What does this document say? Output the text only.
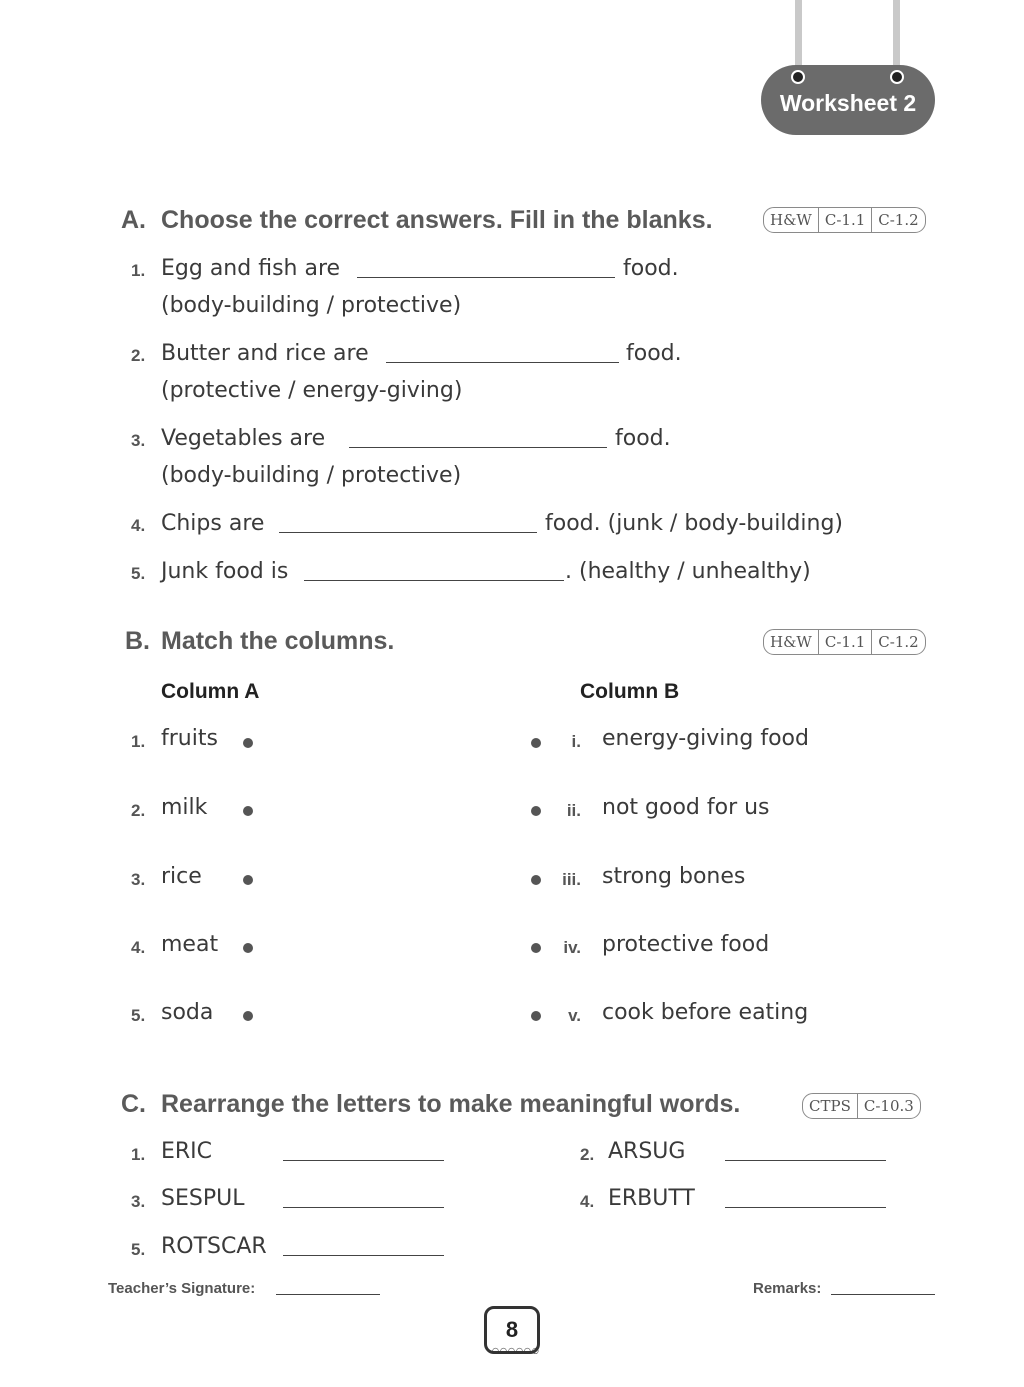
Worksheet 2
A. Choose the correct answers. Fill in the blanks.	H&W C-1.1 C-1.2
1. Egg and fish are	food.
(body-building / protective)
2. Butter and rice are	food.
(protective / energy-giving)
3. Vegetables are	food.
(body-building / protective)
4. Chips are	food. (junk / body-building)
5. Junk food is	. (healthy / unhealthy)
B. Match the columns.	H&W C-1.1 C-1.2
Column A	Column B
1. fruits	i. energy-giving food
2. milk	ii. not good for us
3. rice	iii. strong bones
4. meat	iv. protective food
5. soda	v. cook before eating
C. Rearrange the letters to make meaningful words.	CTPS C-10.3
1. ERIC	2. ARSUG
3. SESPUL	4. ERBUTT
5. ROTSCAR
Teacher’s Signature:	Remarks:
8
○○○○○○
